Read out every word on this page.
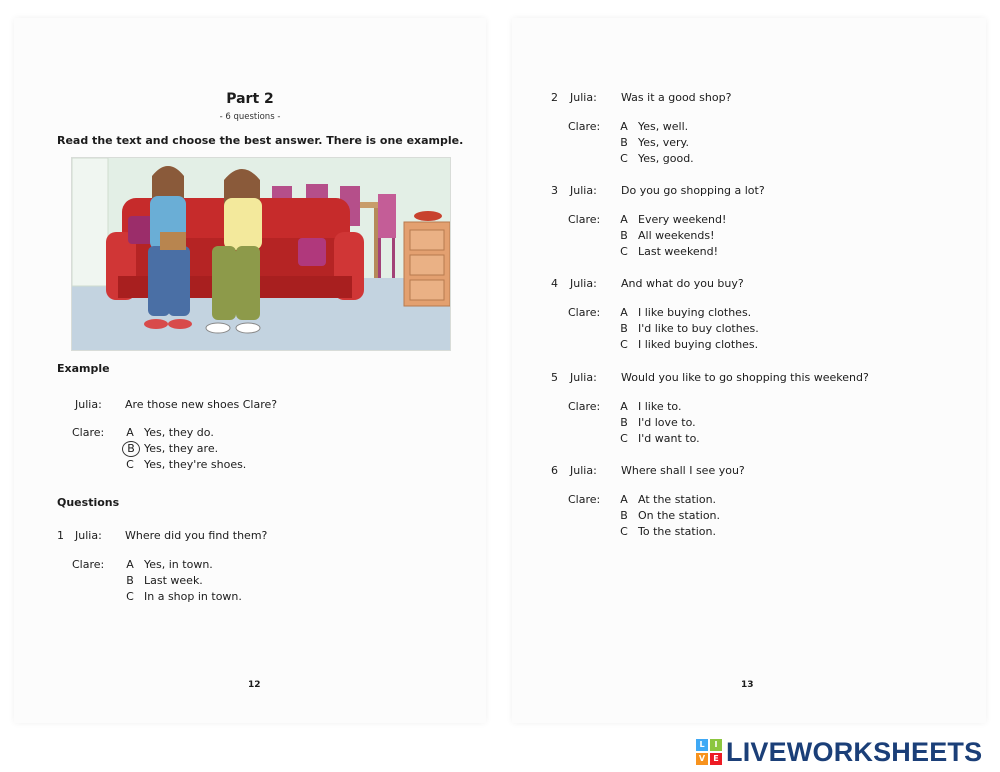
Part 2
- 6 questions -
Read the text and choose the best answer. There is one example.
Example
Julia: Are those new shoes Clare?
Clare:	A Yes, they do.
B Yes, they are.
C Yes, they're shoes.
Questions
1 Julia: Where did you find them?
Clare:	A Yes, in town.
B Last week.
C In a shop in town.
12
2 Julia: Was it a good shop?
Clare:	A Yes, well.
B Yes, very.
C Yes, good.
3 Julia: Do you go shopping a lot?
Clare:	A Every weekend!
B All weekends!
C Last weekend!
4 Julia: And what do you buy?
Clare:	A I like buying clothes.
B I'd like to buy clothes.
C I liked buying clothes.
5 Julia: Would you like to go shopping this weekend?
Clare:	A I like to.
B I'd love to.
C I'd want to.
6 Julia: Where shall I see you?
Clare:	A At the station.
B On the station.
C To the station.
13
L	I
V	E LIVEWORKSHEETS
